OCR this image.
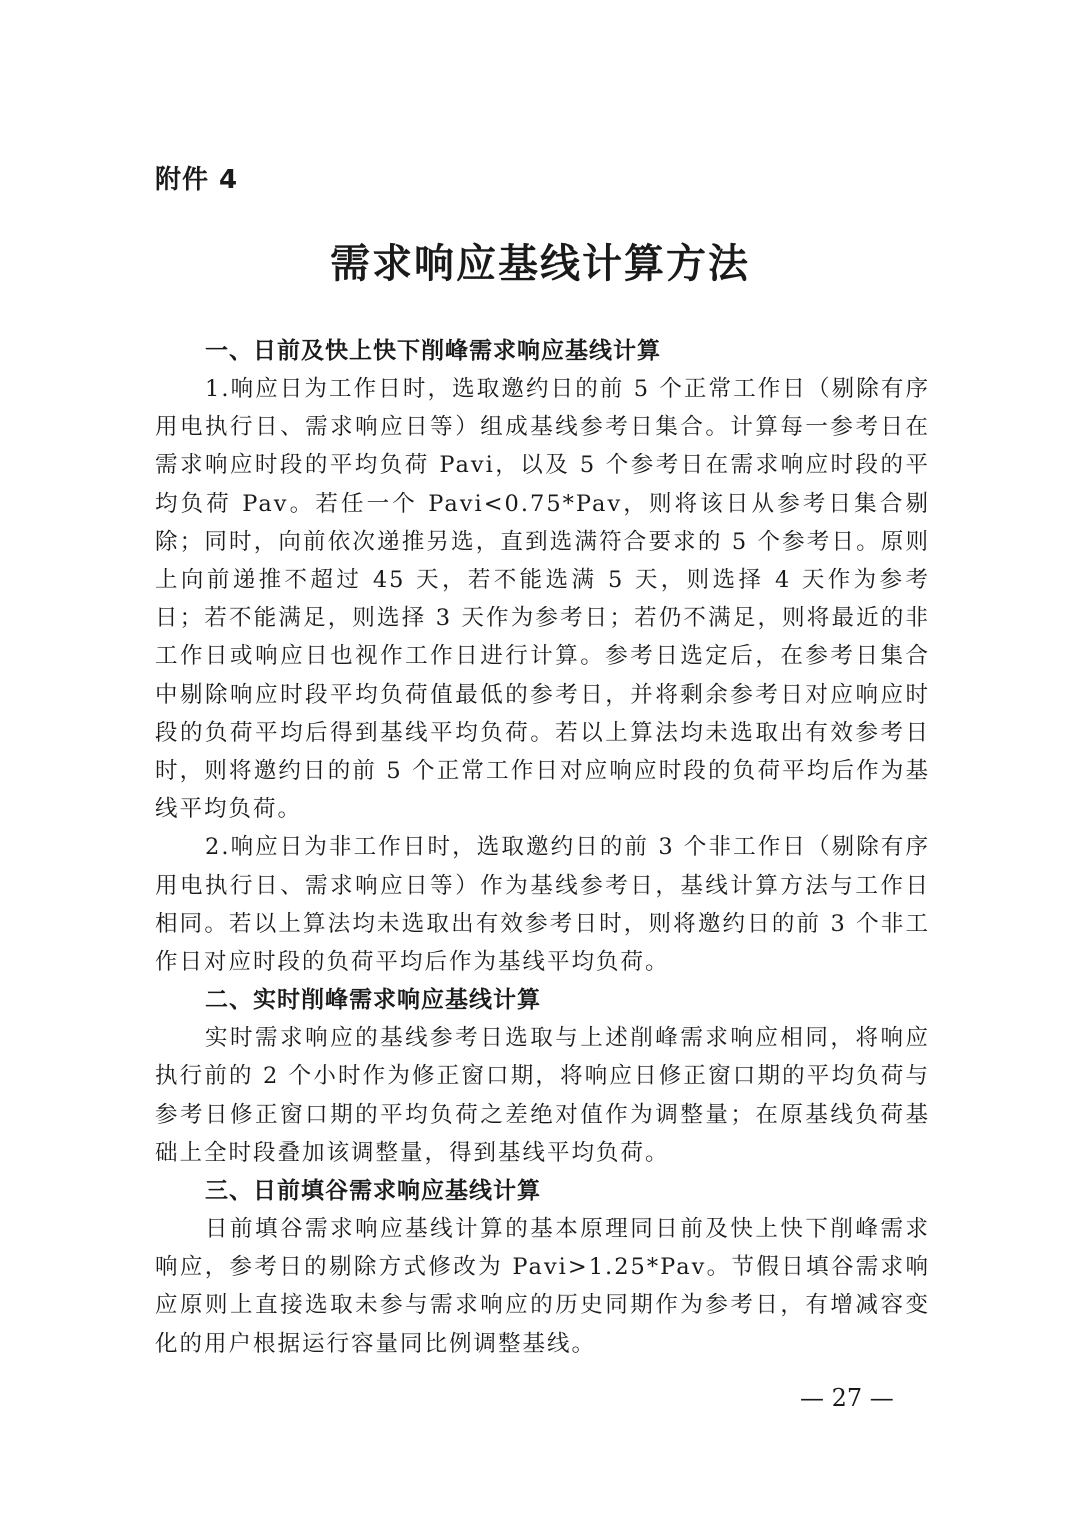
附件 4
需求响应基线计算方法
一、日前及快上快下削峰需求响应基线计算

1.响应日为工作日时，选取邀约日的前 5 个正常工作日（剔除有序用电执行日、需求响应日等）组成基线参考日集合。计算每一参考日在需求响应时段的平均负荷 Pavi，以及 5 个参考日在需求响应时段的平均负荷 Pav。若任一个 Pavi<0.75*Pav，则将该日从参考日集合剔除；同时，向前依次递推另选，直到选满符合要求的 5 个参考日。原则上向前递推不超过 45 天，若不能选满 5 天，则选择 4 天作为参考日；若不能满足，则选择 3 天作为参考日；若仍不满足，则将最近的非工作日或响应日也视作工作日进行计算。参考日选定后，在参考日集合中剔除响应时段平均负荷值最低的参考日，并将剩余参考日对应响应时段的负荷平均后得到基线平均负荷。若以上算法均未选取出有效参考日时，则将邀约日的前 5 个正常工作日对应响应时段的负荷平均后作为基线平均负荷。

2.响应日为非工作日时，选取邀约日的前 3 个非工作日（剔除有序用电执行日、需求响应日等）作为基线参考日，基线计算方法与工作日相同。若以上算法均未选取出有效参考日时，则将邀约日的前 3 个非工作日对应时段的负荷平均后作为基线平均负荷。

二、实时削峰需求响应基线计算

实时需求响应的基线参考日选取与上述削峰需求响应相同，将响应执行前的 2 个小时作为修正窗口期，将响应日修正窗口期的平均负荷与参考日修正窗口期的平均负荷之差绝对值作为调整量；在原基线负荷基础上全时段叠加该调整量，得到基线平均负荷。

三、日前填谷需求响应基线计算

日前填谷需求响应基线计算的基本原理同日前及快上快下削峰需求响应，参考日的剔除方式修改为 Pavi>1.25*Pav。节假日填谷需求响应原则上直接选取未参与需求响应的历史同期作为参考日，有增减容变化的用户根据运行容量同比例调整基线。

— 27 —
